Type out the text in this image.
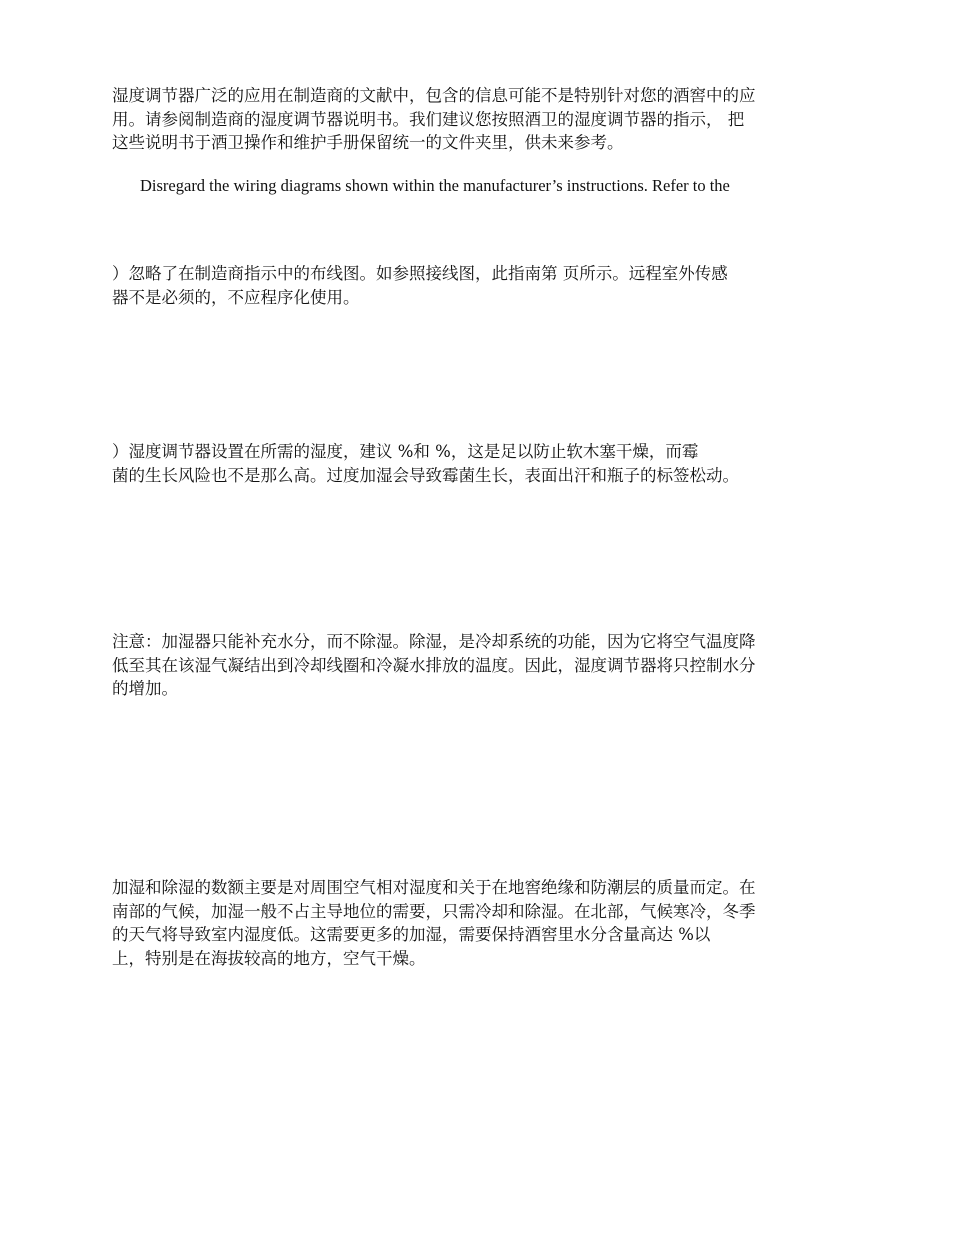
湿度调节器广泛的应用在制造商的文献中，包含的信息可能不是特别针对您的酒窖中的应
用。请参阅制造商的湿度调节器说明书。我们建议您按照酒卫的湿度调节器的指示， 把
这些说明书于酒卫操作和维护手册保留统一的文件夹里，供未来参考。

Disregard the wiring diagrams shown within the manufacturer’s instructions. Refer to the

）忽略了在制造商指示中的布线图。如参照接线图，此指南第 页所示。远程室外传感
器不是必须的，不应程序化使用。

）湿度调节器设置在所需的湿度，建议 %和 %，这是足以防止软木塞干燥，而霉
菌的生长风险也不是那么高。过度加湿会导致霉菌生长，表面出汗和瓶子的标签松动。

注意：加湿器只能补充水分，而不除湿。除湿，是冷却系统的功能，因为它将空气温度降
低至其在该湿气凝结出到冷却线圈和冷凝水排放的温度。因此，湿度调节器将只控制水分
的增加。

加湿和除湿的数额主要是对周围空气相对湿度和关于在地窖绝缘和防潮层的质量而定。在
南部的气候，加湿一般不占主导地位的需要，只需冷却和除湿。在北部，气候寒冷，冬季
的天气将导致室内湿度低。这需要更多的加湿，需要保持酒窖里水分含量高达 %以
上，特别是在海拔较高的地方，空气干燥。
